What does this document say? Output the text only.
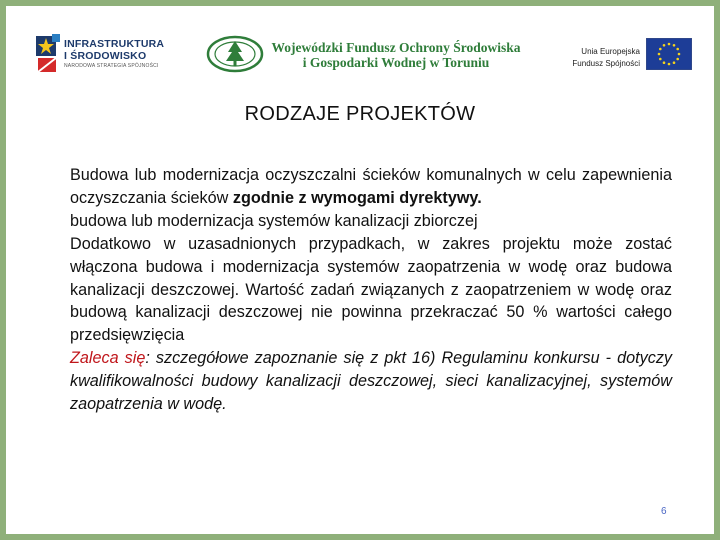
INFRASTRUKTURA
I ŚRODOWISKO
NARODOWA STRATEGIA SPÓJNOŚCI
Wojewódzki Fundusz Ochrony Środowiska
i Gospodarki Wodnej w Toruniu
Unia Europejska
Fundusz Spójności
RODZAJE PROJEKTÓW

Budowa lub modernizacja oczyszczalni ścieków komunalnych w celu zapewnienia oczyszczania ścieków zgodnie z wymogami dyrektywy.

budowa lub modernizacja systemów kanalizacji zbiorczej

Dodatkowo w uzasadnionych przypadkach, w zakres projektu może zostać włączona budowa i modernizacja systemów zaopatrzenia w wodę oraz budowa kanalizacji deszczowej. Wartość zadań związanych z zaopatrzeniem w wodę oraz budową kanalizacji deszczowej nie powinna przekraczać 50 % wartości całego przedsięwzięcia

Zaleca się: szczegółowe zapoznanie się z pkt 16) Regulaminu konkursu - dotyczy kwalifikowalności budowy kanalizacji deszczowej, sieci kanalizacyjnej, systemów zaopatrzenia w wodę.

6
